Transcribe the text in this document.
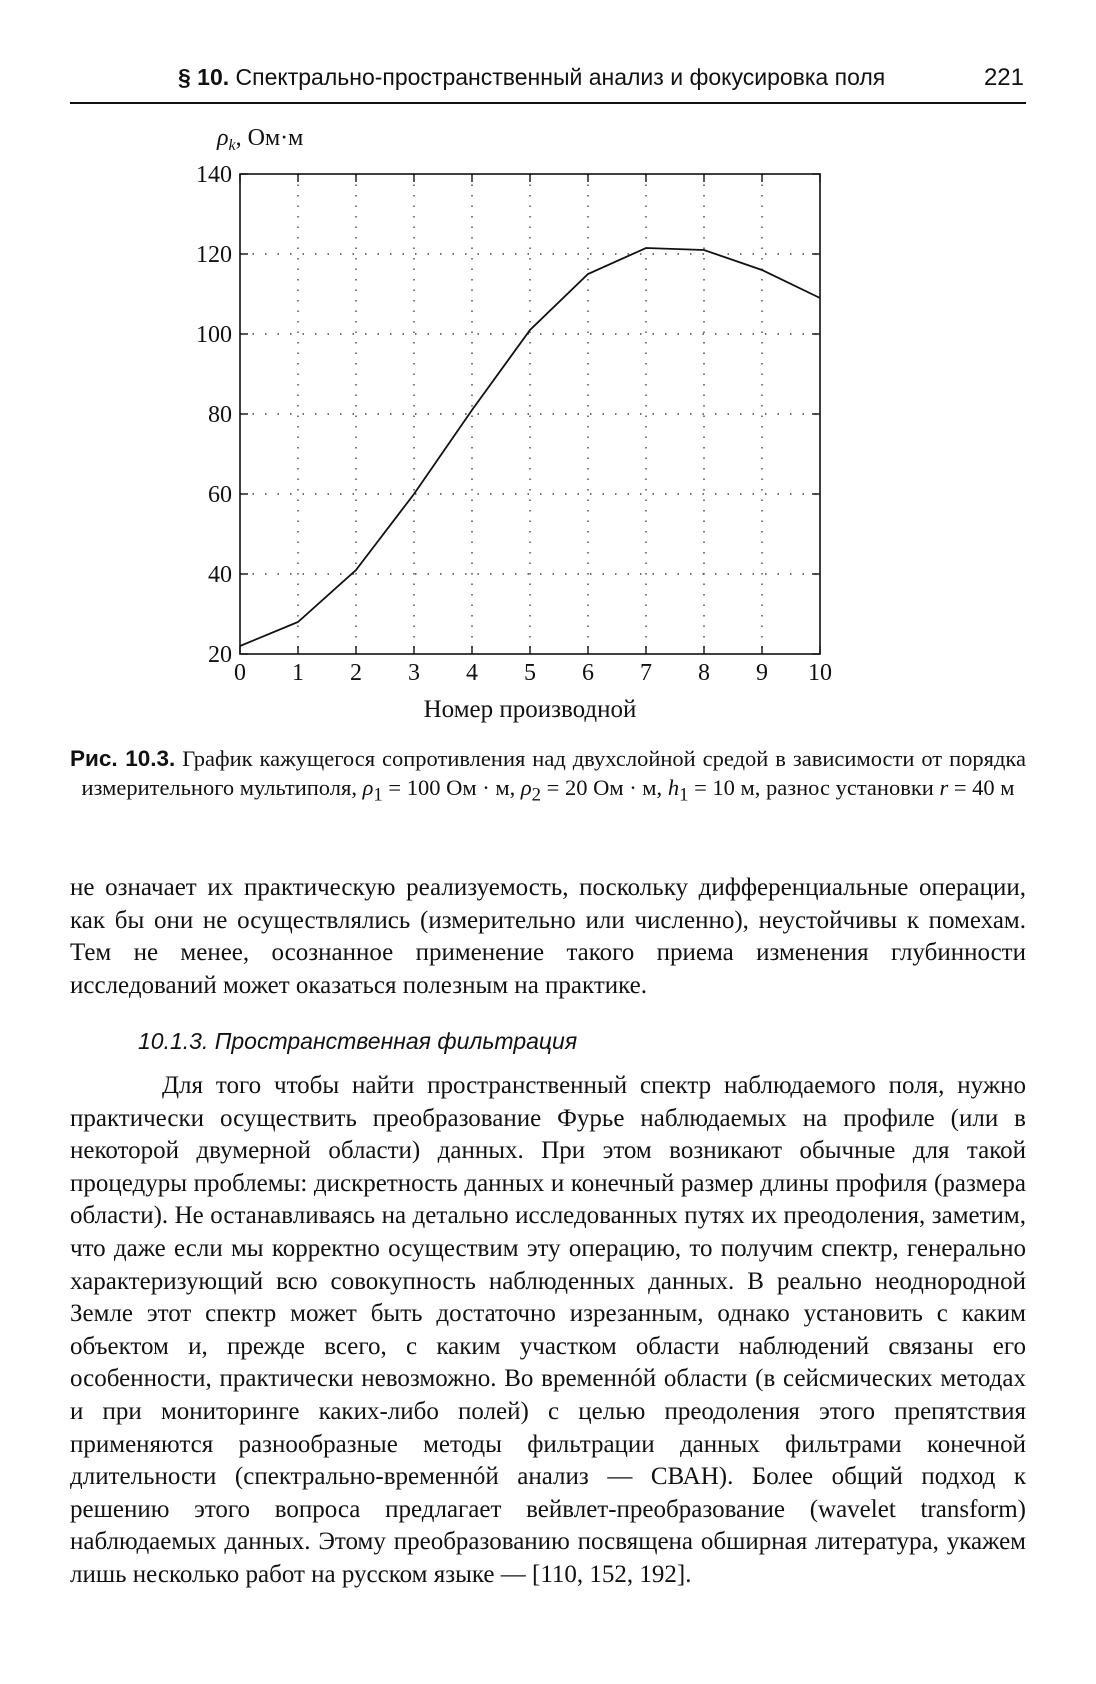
§ 10. Спектрально-пространственный анализ и фокусировка поля	221
0 1 2 3 4 5 6 7 8 9 10
20
40
60
80
100
120
140
$\rho_k$, Ом·м
Номер производной
Рис. 10.3. График кажущегося сопротивления над двухслойной средой в зависимости от порядка измерительного мультиполя, $\rho_1 = 100$ Ом · м, $\rho_2 = 20$ Ом · м, $h_1 = 10$ м, разнос установки r = 40 м

не означает их практическую реализуемость, поскольку дифференциальные операции, как бы они не осуществлялись (измерительно или численно), неустойчивы к помехам. Тем не менее, осознанное применение такого приема изменения глубинности исследований может оказаться полезным на практике.

10.1.3. Пространственная фильтрация

Для того чтобы найти пространственный спектр наблюдаемого поля, нужно практически осуществить преобразование Фурье наблюдаемых на профиле (или в некоторой двумерной области) данных. При этом возникают обычные для такой процедуры проблемы: дискретность данных и конечный размер длины профиля (размера области). Не останавливаясь на детально исследованных путях их преодоления, заметим, что даже если мы корректно осуществим эту операцию, то получим спектр, генерально характеризующий всю совокупность наблюденных данных. В реально неоднородной Земле этот спектр может быть достаточно изрезанным, однако установить с каким объектом и, прежде всего, с каким участком области наблюдений связаны его особенности, практически невозможно. Во временнóй области (в сейсмических методах и при мониторинге каких-либо полей) с целью преодоления этого препятствия применяются разнообразные методы фильтрации данных фильтрами конечной длительности (спектрально-временнóй анализ — СВАН). Более общий подход к решению этого вопроса предлагает вейвлет-преобразование (wavelet transform) наблюдаемых данных. Этому преобразованию посвящена обширная литература, укажем лишь несколько работ на русском языке — [110, 152, 192].
